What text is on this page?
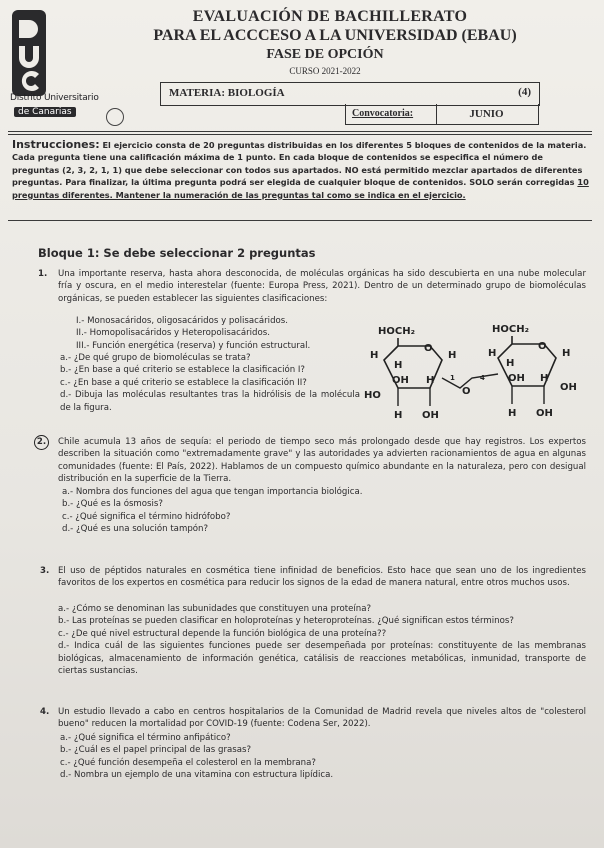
Distrito Universitario
de Canarias
EVALUACIÓN DE BACHILLERATO
PARA EL ACCCESO A LA UNIVERSIDAD (EBAU)
FASE DE OPCIÓN
CURSO 2021-2022
MATERIA: BIOLOGÍA	(4)
Convocatoria:	JUNIO
Instrucciones: El ejercicio consta de 20 preguntas distribuidas en los diferentes 5 bloques de contenidos de la materia. Cada pregunta tiene una calificación máxima de 1 punto. En cada bloque de contenidos se especifica el número de preguntas (2, 3, 2, 1, 1) que debe seleccionar con todos sus apartados. NO está permitido mezclar apartados de diferentes preguntas. Para finalizar, la última pregunta podrá ser elegida de cualquier bloque de contenidos. SOLO serán corregidas 10 preguntas diferentes. Mantener la numeración de las preguntas tal como se indica en el ejercicio.
Bloque 1: Se debe seleccionar 2 preguntas
1. Una importante reserva, hasta ahora desconocida, de moléculas orgánicas ha sido descubierta en una nube molecular fría y oscura, en el medio interestelar (fuente: Europa Press, 2021). Dentro de un determinado grupo de biomoléculas orgánicas, se pueden establecer las siguientes clasificaciones:
I.- Monosacáridos, oligosacáridos y polisacáridos.
II.- Homopolisacáridos y Heteropolisacáridos.
III.- Función energética (reserva) y función estructural.
a.- ¿De qué grupo de biomoléculas se trata?
b.- ¿En base a qué criterio se establece la clasificación I?
c.- ¿En base a qué criterio se establece la clasificación II?
d.- Dibuja las moléculas resultantes tras la hidrólisis de la molécula de la figura.
HOCH₂	HOCH₂
O	O
H	H	H	H
H	H
OH H	OH H
OH
HO
1	4
O
H OH	H OH
2.	Chile acumula 13 años de sequía: el periodo de tiempo seco más prolongado desde que hay registros. Los expertos describen la situación como "extremadamente grave" y las autoridades ya advierten racionamientos de agua en algunas comunidades (fuente: El País, 2022). Hablamos de un compuesto químico abundante en la naturaleza, pero con desigual distribución en la superficie de la Tierra.
a.- Nombra dos funciones del agua que tengan importancia biológica.
b.- ¿Qué es la ósmosis?
c.- ¿Qué significa el término hidrófobo?
d.- ¿Qué es una solución tampón?
3. El uso de péptidos naturales en cosmética tiene infinidad de beneficios. Esto hace que sean uno de los ingredientes favoritos de los expertos en cosmética para reducir los signos de la edad de manera natural, entre otros muchos usos.
a.- ¿Cómo se denominan las subunidades que constituyen una proteína?
b.- Las proteínas se pueden clasificar en holoproteínas y heteroproteínas. ¿Qué significan estos términos?
c.- ¿De qué nivel estructural depende la función biológica de una proteína??
d.- Indica cuál de las siguientes funciones puede ser desempeñada por proteínas: constituyente de las membranas biológicas, almacenamiento de información genética, catálisis de reacciones metabólicas, inmunidad, transporte de ciertas sustancias.
4. Un estudio llevado a cabo en centros hospitalarios de la Comunidad de Madrid revela que niveles altos de "colesterol bueno" reducen la mortalidad por COVID-19 (fuente: Codena Ser, 2022).
a.- ¿Qué significa el término anfipático?
b.- ¿Cuál es el papel principal de las grasas?
c.- ¿Qué función desempeña el colesterol en la membrana?
d.- Nombra un ejemplo de una vitamina con estructura lipídica.
